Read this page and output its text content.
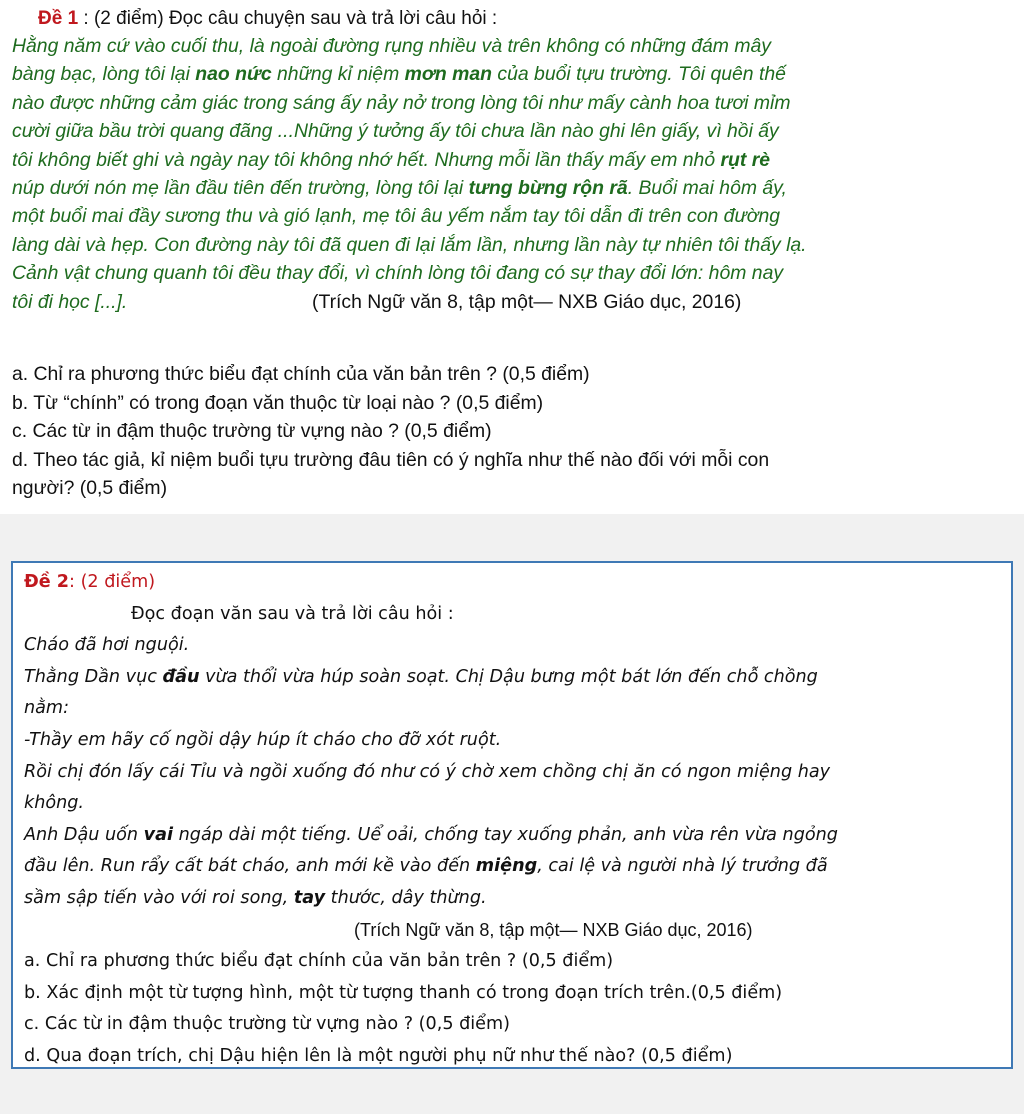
Đề 1 : (2 điểm) Đọc câu chuyện sau và trả lời câu hỏi :
Hằng năm cứ vào cuối thu, là ngoài đường rụng nhiều và trên không có những đám mây
bàng bạc, lòng tôi lại nao nức những kỉ niệm mơn man của buổi tựu trường. Tôi quên thế
nào được những cảm giác trong sáng ấy nảy nở trong lòng tôi như mấy cành hoa tươi mỉm
cười giữa bầu trời quang đãng ...Những ý tưởng ấy tôi chưa lần nào ghi lên giấy, vì hồi ấy
tôi không biết ghi và ngày nay tôi không nhớ hết. Nhưng mỗi lần thấy mấy em nhỏ rụt rè
núp dưới nón mẹ lần đầu tiên đến trường, lòng tôi lại tưng bừng rộn rã. Buổi mai hôm ấy,
một buổi mai đầy sương thu và gió lạnh, mẹ tôi âu yếm nắm tay tôi dẫn đi trên con đường
làng dài và hẹp. Con đường này tôi đã quen đi lại lắm lần, nhưng lần này tự nhiên tôi thấy lạ.
Cảnh vật chung quanh tôi đều thay đổi, vì chính lòng tôi đang có sự thay đổi lớn: hôm nay
tôi đi học [...].	(Trích Ngữ văn 8, tập một— NXB Giáo dục, 2016)
a. Chỉ ra phương thức biểu đạt chính của văn bản trên ? (0,5 điểm)
b. Từ “chính” có trong đoạn văn thuộc từ loại nào ? (0,5 điểm)
c. Các từ in đậm thuộc trường từ vựng nào ? (0,5 điểm)
d. Theo tác giả, kỉ niệm buổi tựu trường đâu tiên có ý nghĩa như thế nào đối với mỗi con
người? (0,5 điểm)
Đề 2: (2 điểm)
Đọc đoạn văn sau và trả lời câu hỏi :
Cháo đã hơi nguội.
Thằng Dần vục đầu vừa thổi vừa húp soàn soạt. Chị Dậu bưng một bát lớn đến chỗ chồng
nằm:
-Thầy em hãy cố ngồi dậy húp ít cháo cho đỡ xót ruột.
Rồi chị đón lấy cái Tỉu và ngồi xuống đó như có ý chờ xem chồng chị ăn có ngon miệng hay
không.
Anh Dậu uốn vai ngáp dài một tiếng. Uể oải, chống tay xuống phản, anh vừa rên vừa ngỏng
đầu lên. Run rẩy cất bát cháo, anh mới kề vào đến miệng, cai lệ và người nhà lý trưởng đã
sầm sập tiến vào với roi song, tay thước, dây thừng.
(Trích Ngữ văn 8, tập một— NXB Giáo dục, 2016)
a. Chỉ ra phương thức biểu đạt chính của văn bản trên ? (0,5 điểm)
b. Xác định một từ tượng hình, một từ tượng thanh có trong đoạn trích trên.(0,5 điểm)
c. Các từ in đậm thuộc trường từ vựng nào ? (0,5 điểm)
d. Qua đoạn trích, chị Dậu hiện lên là một người phụ nữ như thế nào? (0,5 điểm)
